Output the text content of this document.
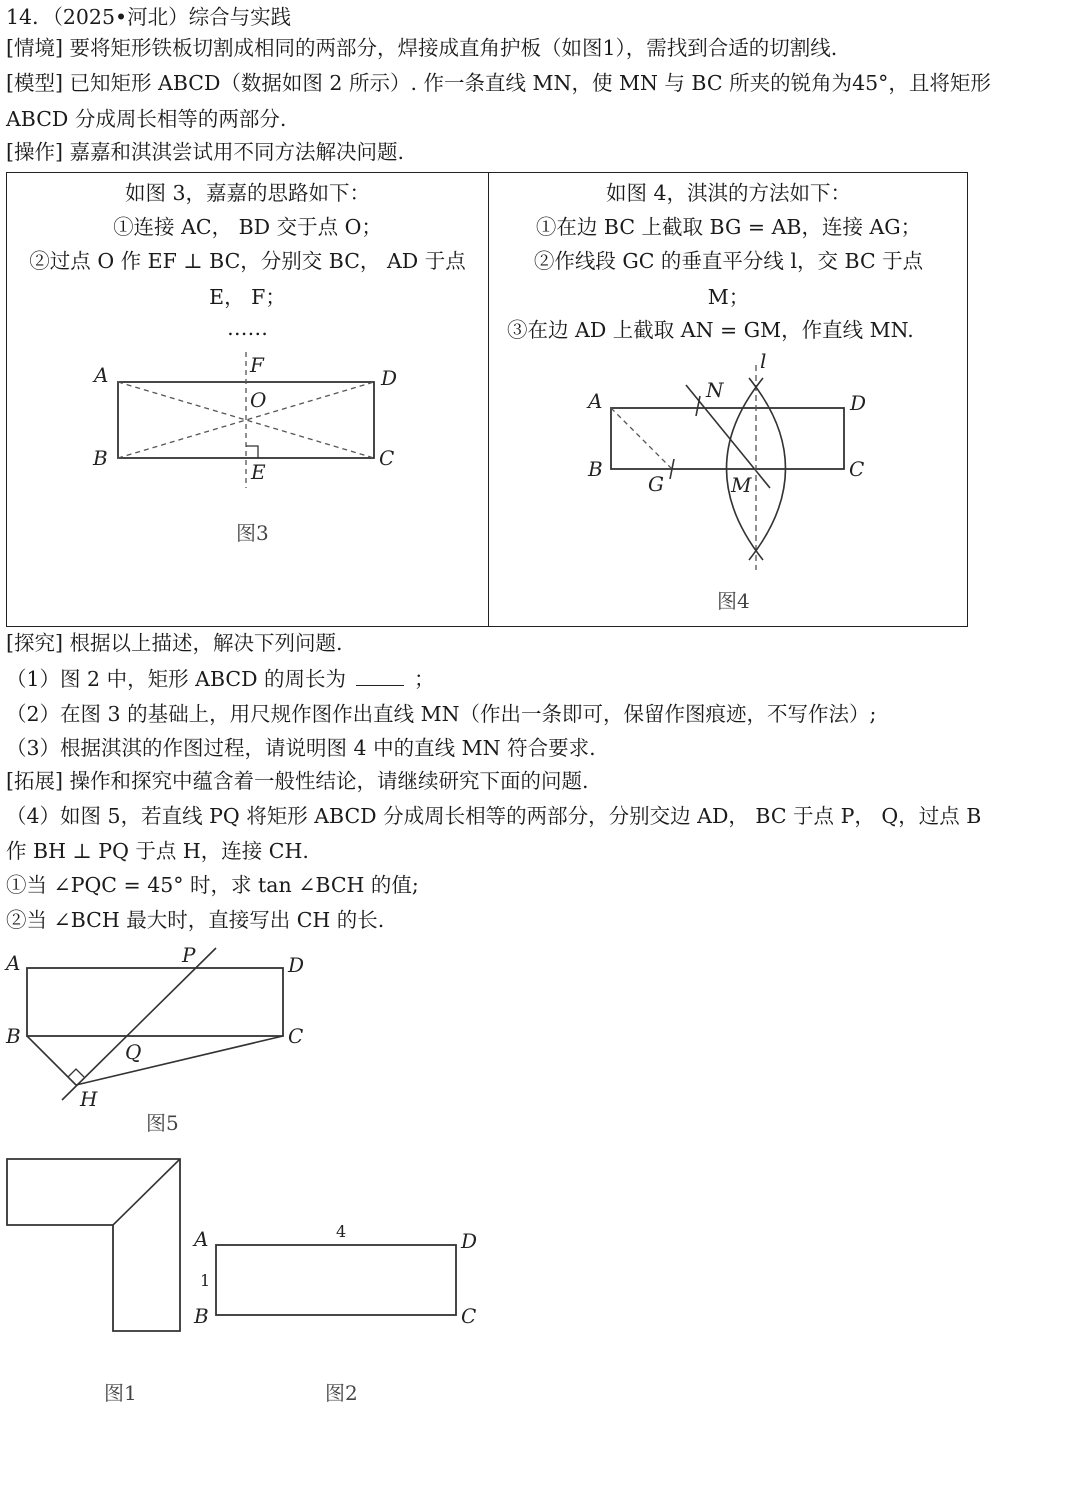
14．（2025•河北）综合与实践
[情境] 要将矩形铁板切割成相同的两部分，焊接成直角护板（如图1），需找到合适的切割线.
[模型] 已知矩形 ABCD（数据如图 2 所示）. 作一条直线 MN，使 MN 与 BC 所夹的锐角为45°，且将矩形
ABCD 分成周长相等的两部分.
[操作] 嘉嘉和淇淇尝试用不同方法解决问题.
如图 3，嘉嘉的思路如下：
①连接 AC， BD 交于点 O；
②过点 O 作 EF ⊥ BC，分别交 BC， AD 于点
E， F；
……
如图 4，淇淇的方法如下：
①在边 BC 上截取 BG = AB，连接 AG；
②作线段 GC 的垂直平分线 l，交 BC 于点
M；
③在边 AD 上截取 AN = GM，作直线 MN.
A
B	C
D
F
O
E
图3
A
B	C
D
G	M
N
l
图4
[探究] 根据以上描述，解决下列问题.
（1）图 2 中，矩形 ABCD 的周长为	；
（2）在图 3 的基础上，用尺规作图作出直线 MN（作出一条即可，保留作图痕迹，不写作法）;
（3）根据淇淇的作图过程，请说明图 4 中的直线 MN 符合要求.
[拓展] 操作和探究中蕴含着一般性结论，请继续研究下面的问题.
（4）如图 5，若直线 PQ 将矩形 ABCD 分成周长相等的两部分，分别交边 AD， BC 于点 P， Q，过点 B
作 BH ⊥ PQ 于点 H，连接 CH.
①当 ∠PQC = 45° 时，求 tan ∠BCH 的值;
②当 ∠BCH 最大时，直接写出 CH 的长.
A
B	C
D
P
Q
H
图5
图1
A
B	C
D
4
1
图2
